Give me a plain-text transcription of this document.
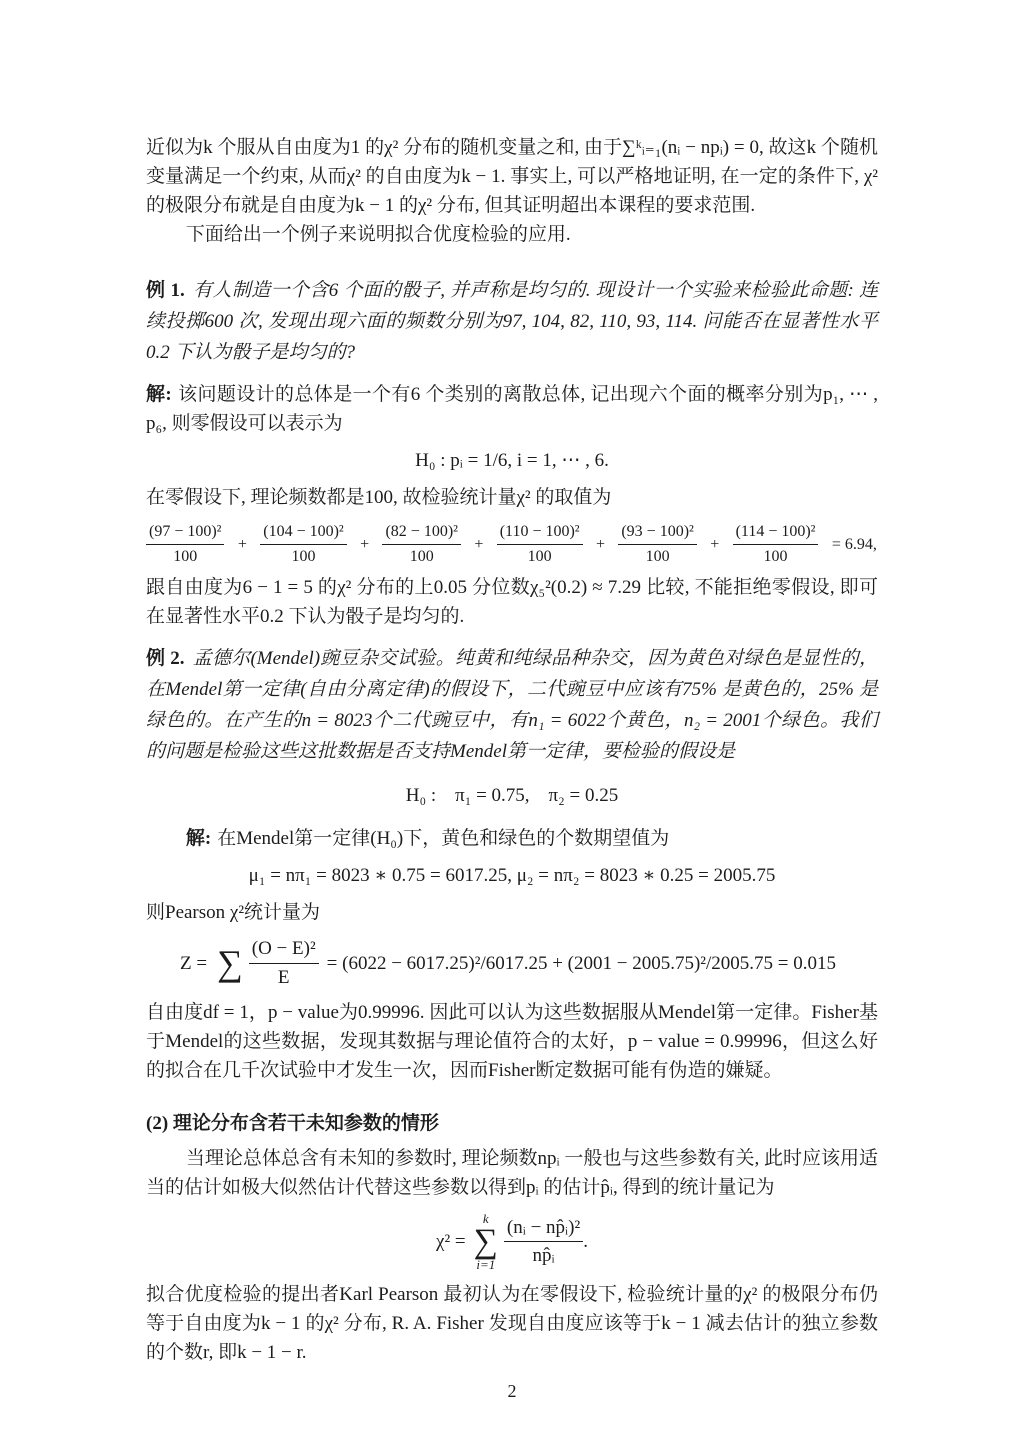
近似为k 个服从自由度为1 的χ² 分布的随机变量之和, 由于∑ᵏᵢ₌₁(nᵢ − npᵢ) = 0, 故这k 个随机变量满足一个约束, 从而χ² 的自由度为k − 1. 事实上, 可以严格地证明, 在一定的条件下, χ² 的极限分布就是自由度为k − 1 的χ² 分布, 但其证明超出本课程的要求范围.

下面给出一个例子来说明拟合优度检验的应用.

例 1. 有人制造一个含6 个面的骰子, 并声称是均匀的. 现设计一个实验来检验此命题: 连续投掷600 次, 发现出现六面的频数分别为97, 104, 82, 110, 93, 114. 问能否在显著性水平0.2 下认为骰子是均匀的?

解: 该问题设计的总体是一个有6 个类别的离散总体, 记出现六个面的概率分别为p₁, ⋯ , p₆, 则零假设可以表示为

H₀ : pᵢ = 1/6, i = 1, ⋯ , 6.

在零假设下, 理论频数都是100, 故检验统计量χ² 的取值为

$\frac{\text{(97 − 100)²}}{100} + \frac{\text{(104 − 100)²}}{100} + \frac{\text{(82 − 100)²}}{100} + \frac{\text{(110 − 100)²}}{100} + \frac{\text{(93 − 100)²}}{100} + \frac{\text{(114 − 100)²}}{100} = 6.94$,

跟自由度为6 − 1 = 5 的χ² 分布的上0.05 分位数χ₅²(0.2) ≈ 7.29 比较, 不能拒绝零假设, 即可在显著性水平0.2 下认为骰子是均匀的.

例 2. 孟德尔(Mendel)豌豆杂交试验。纯黄和纯绿品种杂交，因为黄色对绿色是显性的，在Mendel第一定律(自由分离定律)的假设下，二代豌豆中应该有75% 是黄色的，25% 是绿色的。在产生的n = 8023个二代豌豆中，有n₁ = 6022个黄色，n₂ = 2001个绿色。我们的问题是检验这些这批数据是否支持Mendel第一定律，要检验的假设是

H₀ : π₁ = 0.75, π₂ = 0.25

解: 在Mendel第一定律(H₀)下，黄色和绿色的个数期望值为

μ₁ = nπ₁ = 8023 ∗ 0.75 = 6017.25, μ₂ = nπ₂ = 8023 ∗ 0.25 = 2005.75

则Pearson χ²统计量为

Z = ∑ $\frac{\text{(O − E)²}}{E} = (6022 - 6017.25)^2/6017.25 + (2001 - 2005.75)^2/2005.75 = 0.015$

自由度df = 1，p − value为0.99996. 因此可以认为这些数据服从Mendel第一定律。Fisher基于Mendel的这些数据，发现其数据与理论值符合的太好，p − value = 0.99996，但这么好的拟合在几千次试验中才发生一次，因而Fisher断定数据可能有伪造的嫌疑。

(2) 理论分布含若干未知参数的情形

当理论总体总含有未知的参数时, 理论频数npᵢ 一般也与这些参数有关, 此时应该用适当的估计如极大似然估计代替这些参数以得到pᵢ 的估计p̂ᵢ, 得到的统计量记为

χ² =
k
∑
$i=1 \frac{\text{(nᵢ − np̂ᵢ)²}}{\text{np̂ᵢ}}$ .

拟合优度检验的提出者Karl Pearson 最初认为在零假设下, 检验统计量的χ² 的极限分布仍等于自由度为k − 1 的χ² 分布, R. A. Fisher 发现自由度应该等于k − 1 减去估计的独立参数的个数r, 即k − 1 − r.

2
